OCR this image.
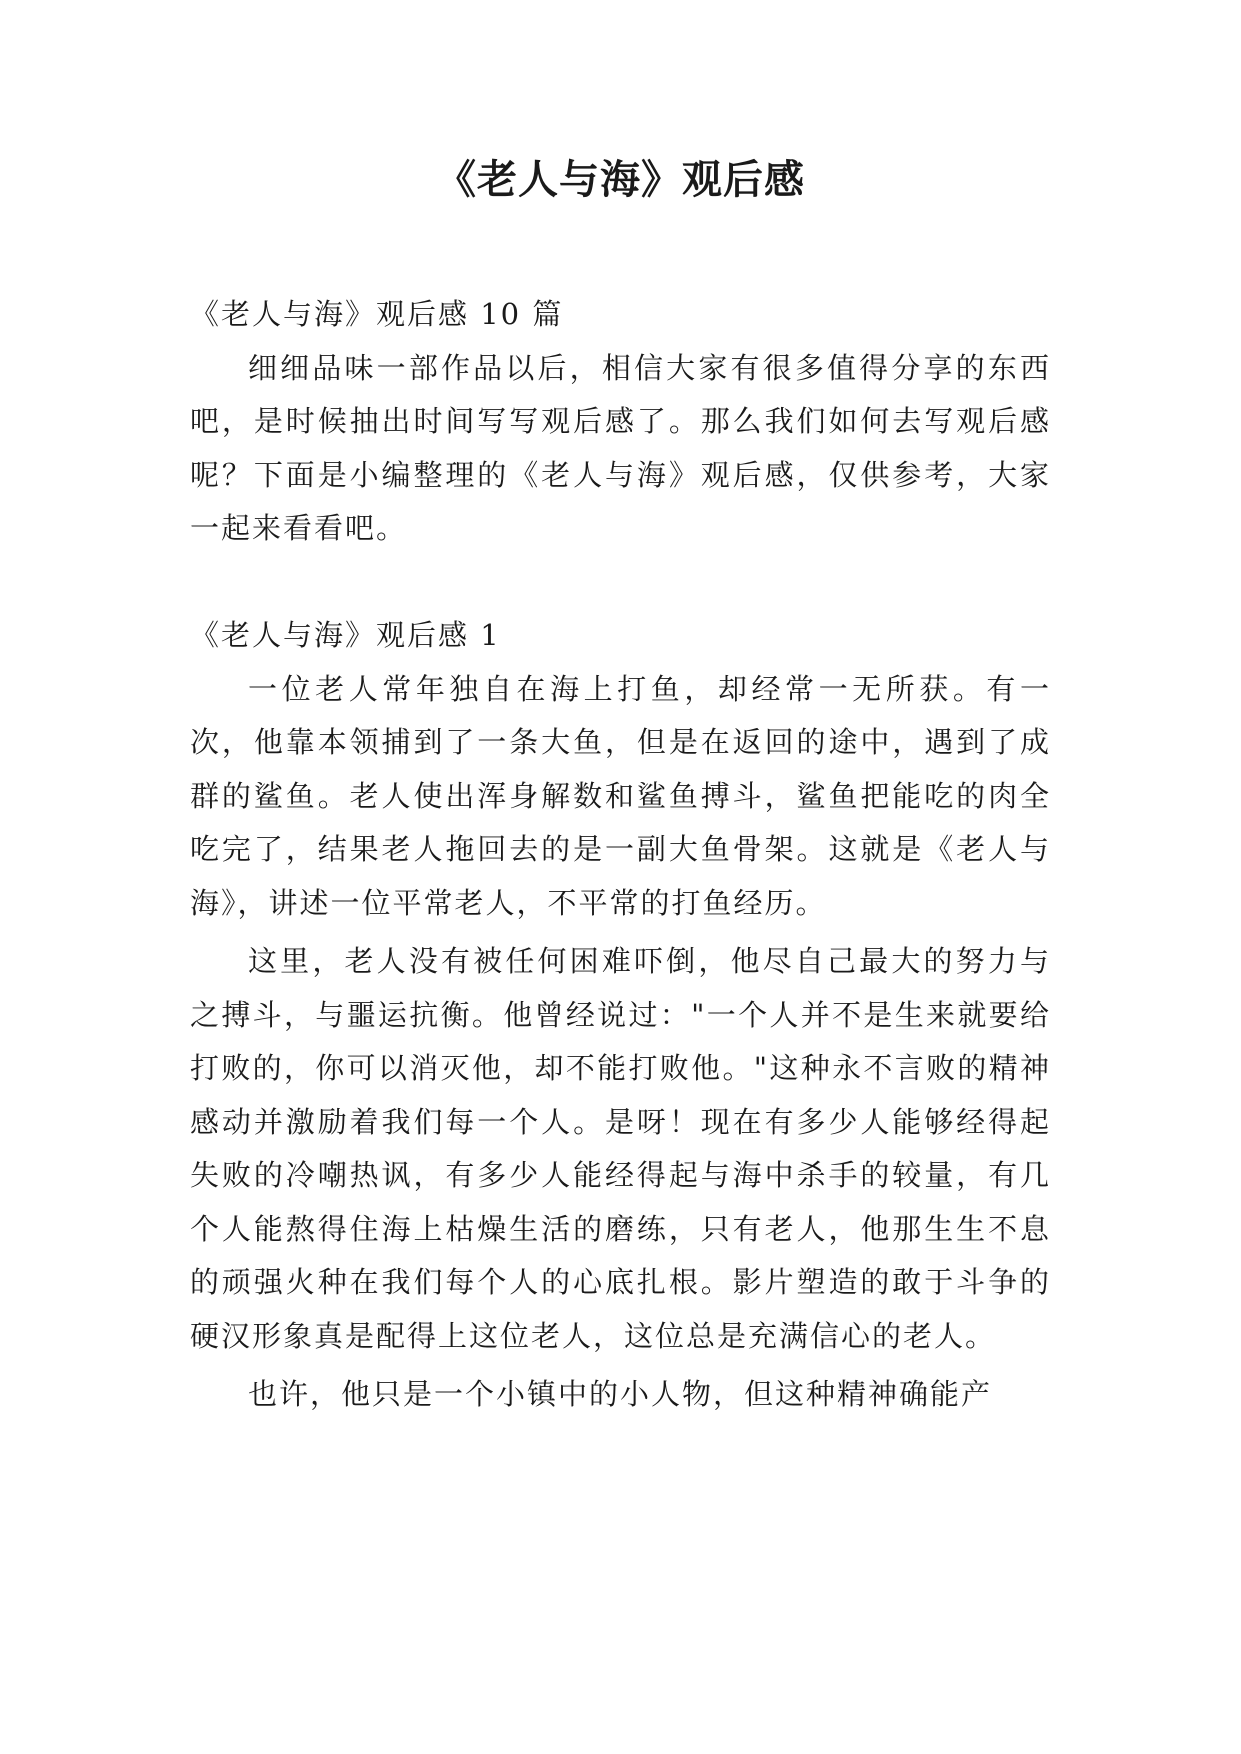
《老人与海》观后感

《老人与海》观后感 10 篇

细细品味一部作品以后，相信大家有很多值得分享的东西吧，是时候抽出时间写写观后感了。那么我们如何去写观后感呢？下面是小编整理的《老人与海》观后感，仅供参考，大家一起来看看吧。

《老人与海》观后感 1

一位老人常年独自在海上打鱼，却经常一无所获。有一次，他靠本领捕到了一条大鱼，但是在返回的途中，遇到了成群的鲨鱼。老人使出浑身解数和鲨鱼搏斗，鲨鱼把能吃的肉全吃完了，结果老人拖回去的是一副大鱼骨架。这就是《老人与海》，讲述一位平常老人，不平常的打鱼经历。

这里，老人没有被任何困难吓倒，他尽自己最大的努力与之搏斗，与噩运抗衡。他曾经说过："一个人并不是生来就要给打败的，你可以消灭他，却不能打败他。"这种永不言败的精神感动并激励着我们每一个人。是呀！现在有多少人能够经得起失败的冷嘲热讽，有多少人能经得起与海中杀手的较量，有几个人能熬得住海上枯燥生活的磨练，只有老人，他那生生不息的顽强火种在我们每个人的心底扎根。影片塑造的敢于斗争的硬汉形象真是配得上这位老人，这位总是充满信心的老人。

也许，他只是一个小镇中的小人物，但这种精神确能产
